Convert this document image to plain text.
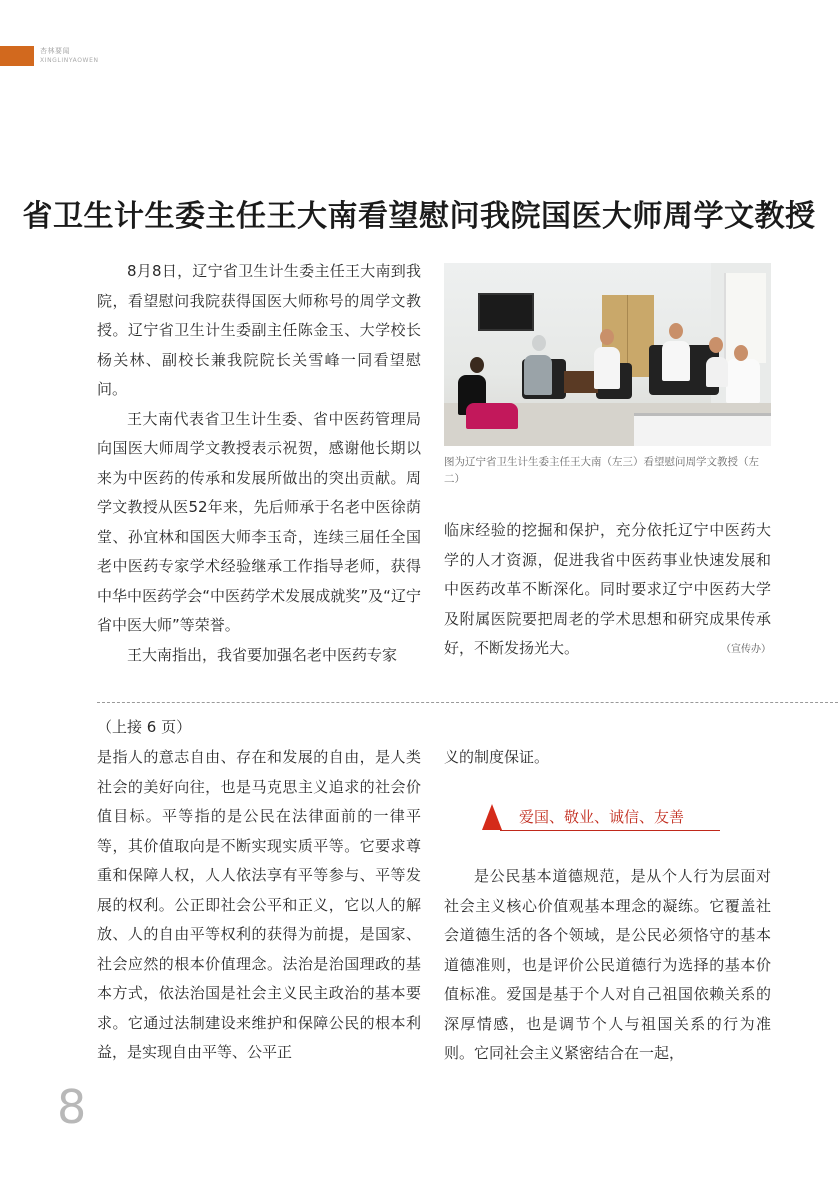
杏林要闻
XINGLINYAOWEN
省卫生计生委主任王大南看望慰问我院国医大师周学文教授

8月8日，辽宁省卫生计生委主任王大南到我院，看望慰问我院获得国医大师称号的周学文教授。辽宁省卫生计生委副主任陈金玉、大学校长杨关林、副校长兼我院院长关雪峰一同看望慰问。

王大南代表省卫生计生委、省中医药管理局向国医大师周学文教授表示祝贺，感谢他长期以来为中医药的传承和发展所做出的突出贡献。周学文教授从医52年来，先后师承于名老中医徐荫堂、孙宜林和国医大师李玉奇，连续三届任全国老中医药专家学术经验继承工作指导老师，获得中华中医药学会“中医药学术发展成就奖”及“辽宁省中医大师”等荣誉。

王大南指出，我省要加强名老中医药专家

图为辽宁省卫生计生委主任王大南（左三）看望慰问周学文教授（左二）

临床经验的挖掘和保护，充分依托辽宁中医药大学的人才资源，促进我省中医药事业快速发展和中医药改革不断深化。同时要求辽宁中医药大学及附属医院要把周老的学术思想和研究成果传承好，不断发扬光大。	（宣传办）

（上接 6 页）

是指人的意志自由、存在和发展的自由，是人类社会的美好向往，也是马克思主义追求的社会价值目标。平等指的是公民在法律面前的一律平等，其价值取向是不断实现实质平等。它要求尊重和保障人权，人人依法享有平等参与、平等发展的权利。公正即社会公平和正义，它以人的解放、人的自由平等权利的获得为前提，是国家、社会应然的根本价值理念。法治是治国理政的基本方式，依法治国是社会主义民主政治的基本要求。它通过法制建设来维护和保障公民的根本利益，是实现自由平等、公平正

义的制度保证。

爱国、敬业、诚信、友善

是公民基本道德规范，是从个人行为层面对社会主义核心价值观基本理念的凝练。它覆盖社会道德生活的各个领域，是公民必须恪守的基本道德准则，也是评价公民道德行为选择的基本价值标准。爱国是基于个人对自己祖国依赖关系的深厚情感，也是调节个人与祖国关系的行为准则。它同社会主义紧密结合在一起，

8
